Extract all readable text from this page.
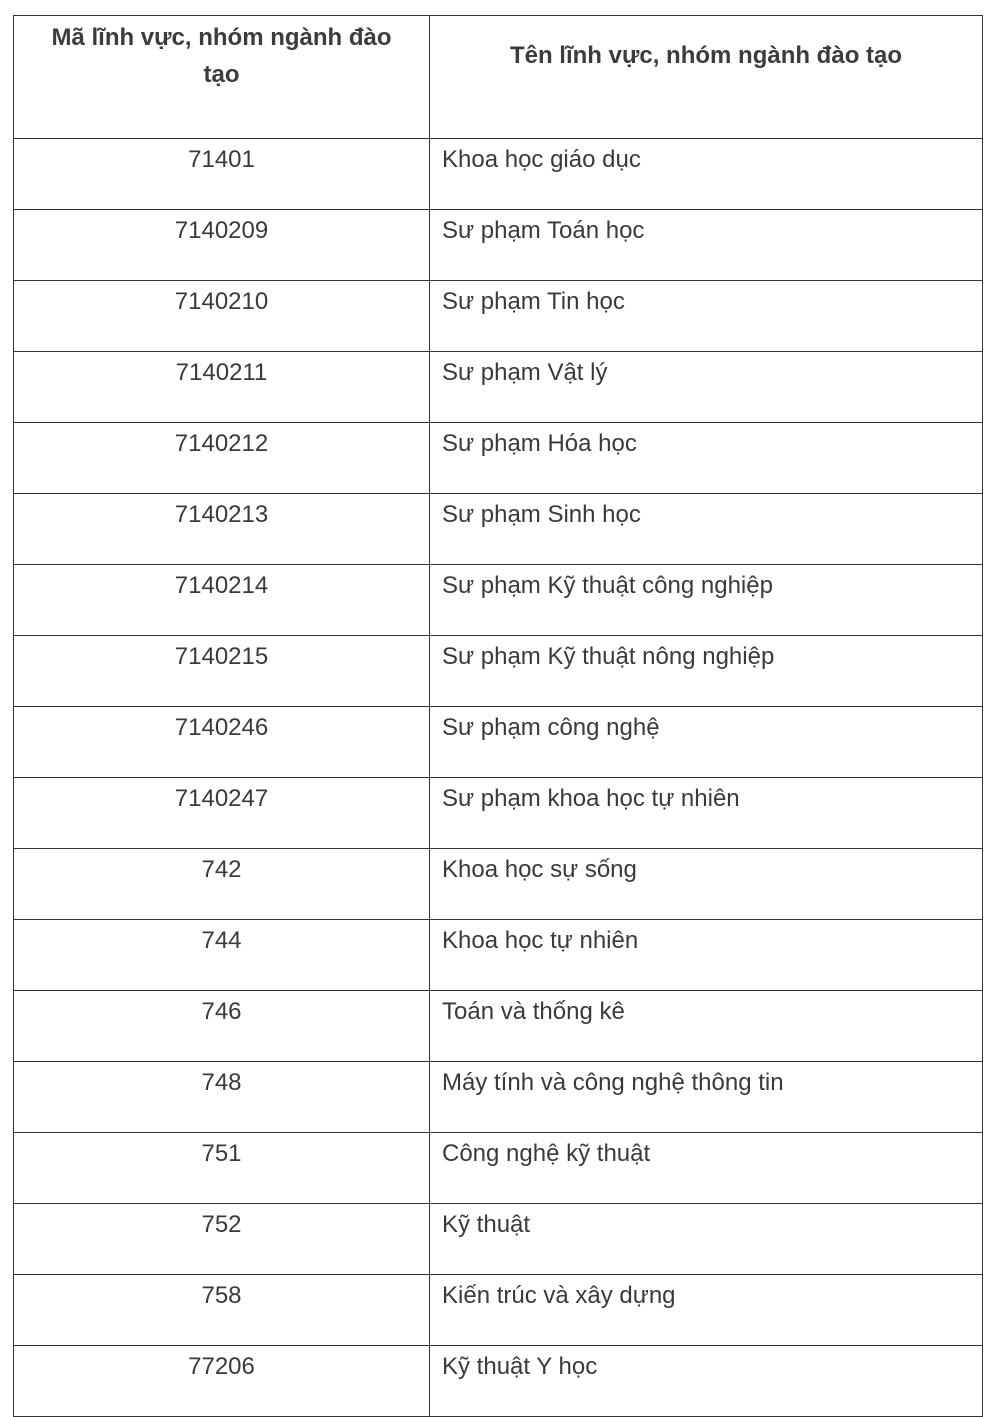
Mã lĩnh vực, nhóm ngành đào tạo	Tên lĩnh vực, nhóm ngành đào tạo
71401	Khoa học giáo dục
7140209	Sư phạm Toán học
7140210	Sư phạm Tin học
7140211	Sư phạm Vật lý
7140212	Sư phạm Hóa học
7140213	Sư phạm Sinh học
7140214	Sư phạm Kỹ thuật công nghiệp
7140215	Sư phạm Kỹ thuật nông nghiệp
7140246	Sư phạm công nghệ
7140247	Sư phạm khoa học tự nhiên
742	Khoa học sự sống
744	Khoa học tự nhiên
746	Toán và thống kê
748	Máy tính và công nghệ thông tin
751	Công nghệ kỹ thuật
752	Kỹ thuật
758	Kiến trúc và xây dựng
77206	Kỹ thuật Y học
